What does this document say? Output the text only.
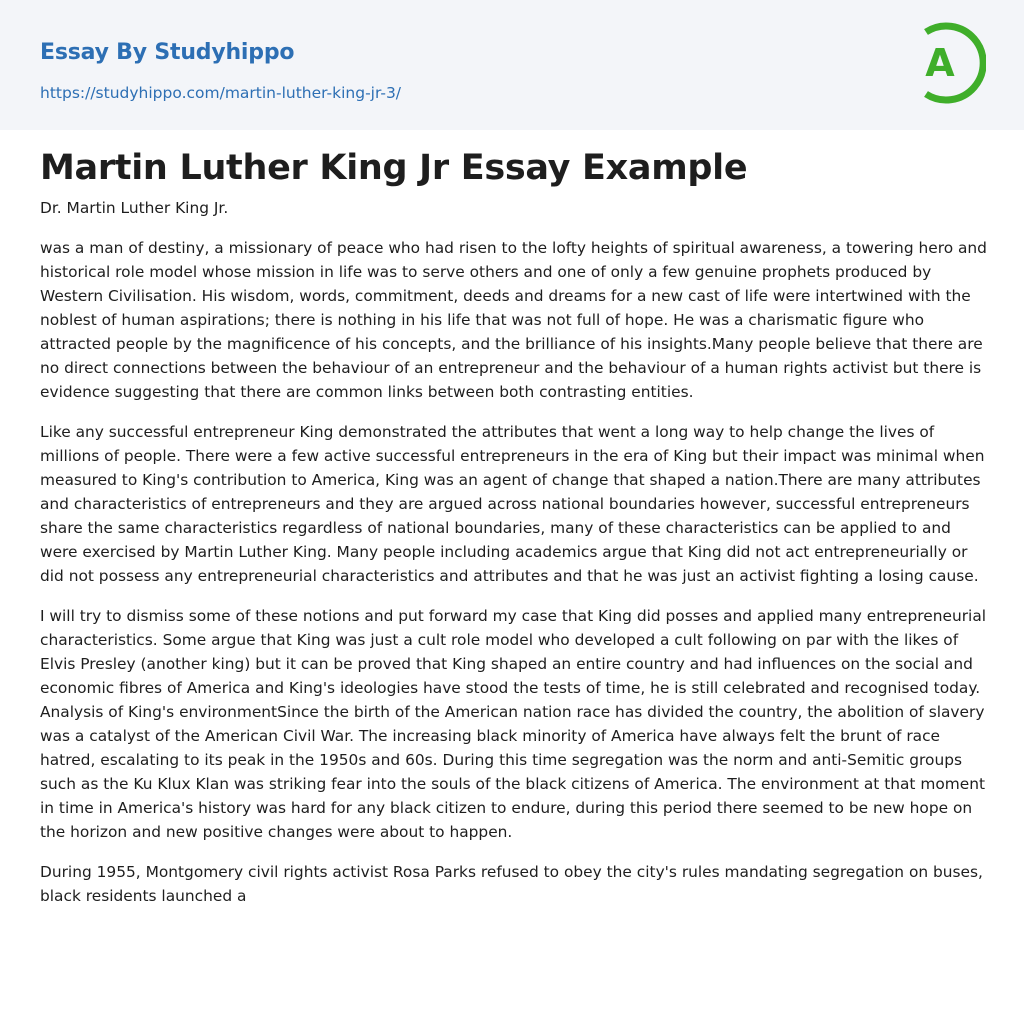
Essay By Studyhippo
https://studyhippo.com/martin-luther-king-jr-3/
A
Martin Luther King Jr Essay Example

Dr. Martin Luther King Jr.

was a man of destiny, a missionary of peace who had risen to the lofty heights of spiritual awareness, a towering hero and historical role model whose mission in life was to serve others and one of only a few genuine prophets produced by Western Civilisation. His wisdom, words, commitment, deeds and dreams for a new cast of life were intertwined with the noblest of human aspirations; there is nothing in his life that was not full of hope. He was a charismatic figure who attracted people by the magnificence of his concepts, and the brilliance of his insights.Many people believe that there are no direct connections between the behaviour of an entrepreneur and the behaviour of a human rights activist but there is evidence suggesting that there are common links between both contrasting entities.

Like any successful entrepreneur King demonstrated the attributes that went a long way to help change the lives of millions of people. There were a few active successful entrepreneurs in the era of King but their impact was minimal when measured to King's contribution to America, King was an agent of change that shaped a nation.There are many attributes and characteristics of entrepreneurs and they are argued across national boundaries however, successful entrepreneurs share the same characteristics regardless of national boundaries, many of these characteristics can be applied to and were exercised by Martin Luther King. Many people including academics argue that King did not act entrepreneurially or did not possess any entrepreneurial characteristics and attributes and that he was just an activist fighting a losing cause.

I will try to dismiss some of these notions and put forward my case that King did posses and applied many entrepreneurial characteristics. Some argue that King was just a cult role model who developed a cult following on par with the likes of Elvis Presley (another king) but it can be proved that King shaped an entire country and had influences on the social and economic fibres of America and King's ideologies have stood the tests of time, he is still celebrated and recognised today. Analysis of King's environmentSince the birth of the American nation race has divided the country, the abolition of slavery was a catalyst of the American Civil War. The increasing black minority of America have always felt the brunt of race hatred, escalating to its peak in the 1950s and 60s. During this time segregation was the norm and anti-Semitic groups such as the Ku Klux Klan was striking fear into the souls of the black citizens of America. The environment at that moment in time in America's history was hard for any black citizen to endure, during this period there seemed to be new hope on the horizon and new positive changes were about to happen.

During 1955, Montgomery civil rights activist Rosa Parks refused to obey the city's rules mandating segregation on buses, black residents launched a
